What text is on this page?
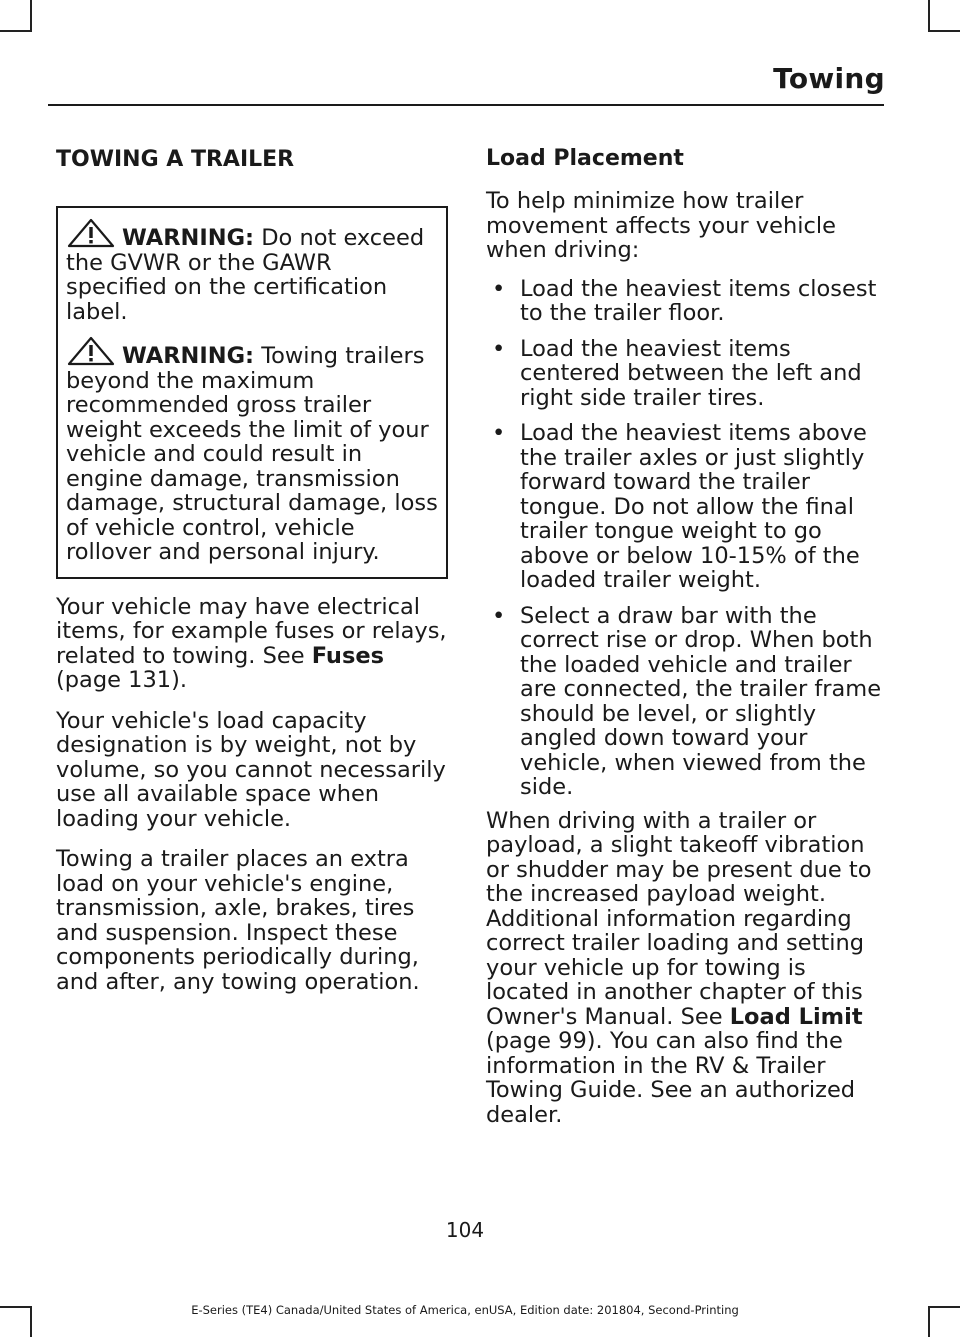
Towing
TOWING A TRAILER

WARNING: Do not exceed the GVWR or the GAWR specified on the certification label.

WARNING: Towing trailers beyond the maximum recommended gross trailer weight exceeds the limit of your vehicle and could result in engine damage, transmission damage, structural damage, loss of vehicle control, vehicle rollover and personal injury.

Your vehicle may have electrical items, for example fuses or relays, related to towing. See Fuses (page 131).

Your vehicle's load capacity designation is by weight, not by volume, so you cannot necessarily use all available space when loading your vehicle.

Towing a trailer places an extra load on your vehicle's engine, transmission, axle, brakes, tires and suspension. Inspect these components periodically during, and after, any towing operation.

Load Placement

To help minimize how trailer movement affects your vehicle when driving:

• Load the heaviest items closest to the trailer floor.
• Load the heaviest items centered between the left and right side trailer tires.
• Load the heaviest items above the trailer axles or just slightly forward toward the trailer tongue. Do not allow the final trailer tongue weight to go above or below 10-15% of the loaded trailer weight.
• Select a draw bar with the correct rise or drop. When both the loaded vehicle and trailer are connected, the trailer frame should be level, or slightly angled down toward your vehicle, when viewed from the side.

When driving with a trailer or payload, a slight takeoff vibration or shudder may be present due to the increased payload weight. Additional information regarding correct trailer loading and setting your vehicle up for towing is located in another chapter of this Owner's Manual. See Load Limit (page 99). You can also find the information in the RV & Trailer Towing Guide. See an authorized dealer.

104
E-Series (TE4) Canada/United States of America, enUSA, Edition date: 201804, Second-Printing
